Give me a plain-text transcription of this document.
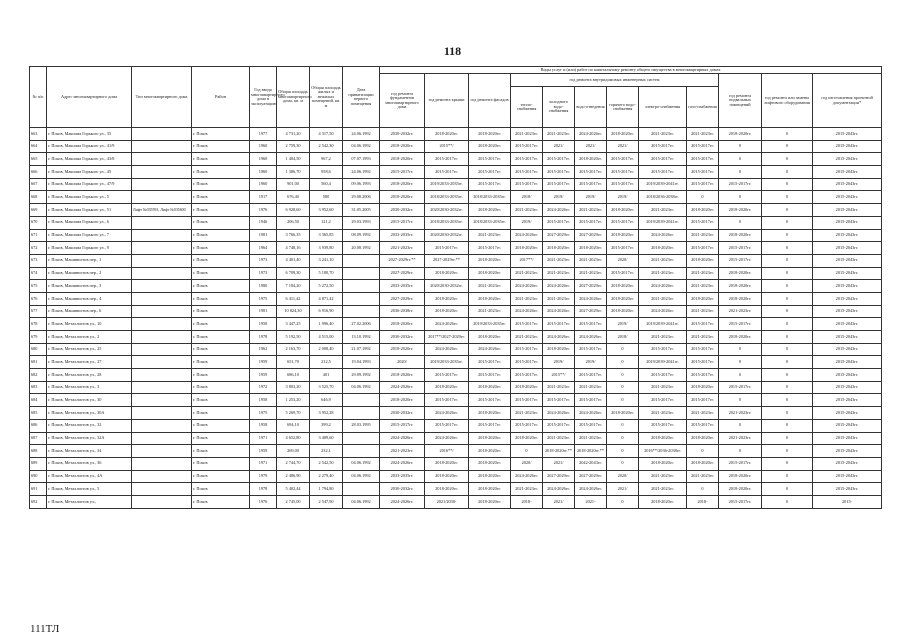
118
№ п/п	Адрес многоквартирного дома	Тип многоквартирного дома	Район	Год ввода многоквартирного дома в эксплуатацию	Общая площадь многоквартирного дома, кв. м	Общая площадь жилых и нежилых помещений, кв. м	Дата приватизации первого помещения	Виды услуг и (или) работ по капитальному ремонту общего имущества в многоквартирных домах											
								год ремонта фундаментов многоквартирного дома	год ремонта крыши	год ремонта фасадов	год ремонта внутридомовых инженерных систем						год ремонта подвальных помещений	год ремонта или замены лифтового оборудования	год изготовления проектной документации*
											тепло-снабжения	холодного водо-снабжения	водо-отведения	горячего водо-снабжения	электро-снабжения	газо-снабжения			
663	г. Псков, Максима Горького ул., 35		г. Псков	1977	4 731,20	4 317,50	24.06.1992	2030-2032гг.	2018-2020гг.	2018-2020гг.	2021-2023гг.	2021-2023гг.	2024-2026гг.	2018-2020гг.	2021-2023гг.	2021-2023гг.	2018-2020гг.	0	2015-2043гг.
664	г. Псков, Максима Горького ул., 41/9		г. Псков	1960	2 759,30	2 542,30	04.06.1992	2018-2020гг.	2015**/	2018-2020гг.	2015-2017гг.	2021/	2021/	2021/	2015-2017гг.	2015-2017гг.	0	0	2015-2043гг.
665	г. Псков, Максима Горького ул., 43/8		г. Псков	1960	1 404,50	967,2	07.07.1993	2018-2020гг.	2015-2017гг.	2015-2017гг.	2015-2017гг.	2015-2017гг.	2018-2020гг.	2015-2017гг.	2015-2017гг.	2015-2017гг.	0	0	2015-2043гг.
666	г. Псков, Максима Горького ул., 45		г. Псков	1960	1 386,70	958,6	24.06.1992	2015-2017гг.	2015-2017гг.	2015-2017гг.	2015-2017гг.	2015-2017гг.	2015-2017гг.	2015-2017гг.	2015-2017гг.	2015-2017гг.	0	0	2015-2043гг.
667	г. Псков, Максима Горького ул., 47/9		г. Псков	1960	901,00	560,4	09.06.1993	2018-2020гг.	2019/2033-2035гг.	2015-2017гг.	2015-2017гг.	2015-2017гг.	2015-2017гг.	2015-2017гг.	2019/2039-2041гг.	2015-2017гг.	2015-2017гг.	0	2015-2043гг.
668	г. Псков, Максима Горького ул., 5		г. Псков	1917	676,40	580	29.08.2006	2018-2020гг.	2018/2033-2035гг.	2018/2033-2035гг.	2018/	2019/	2019/	2019/	2018/2036-2038гг.	0	0	0	2015-2043гг.
669	г. Псков, Максима Горького ул., 51	Лифт №035593, Лифт №035600	г. Псков	1976	6 928,60	3 952,60	31.05.2005	2030-2032гг.	2020/2030-2032гг.	2018-2020гг.	2021-2023гг.	2024-2026гг.	2021-2023гг.	2018-2020гг.	2021-2023гг.	2018-2020гг.	2018-2020гг.	0	2015-2043гг.
670	г. Псков, Максима Горького ул., 6		г. Псков	1946	206,50	121,2	29.03.1993	2015-2017гг.	2018/2033-2035гг.	2018/2033-2035гг.	2019/	2015-2017гг.	2015-2017гг.	2015-2017гг.	2019/2039-2041гг.	2015-2017гг.	0	0	2015-2043гг.
671	г. Псков, Максима Горького ул., 7		г. Псков	1981	3 766,35	3 365,85	08.09.1992	2033-2035гг.	2020/2030-2032гг.	2021-2023гг.	2024-2026гг.	2027-2029гг.	2027-2029гг.	2018-2020гг.	2024-2026гг.	2021-2023гг.	2018-2020гг.	0	2015-2043гг.
672	г. Псков, Максима Горького ул., 9		г. Псков	1964	4 748,16	3 939,80	20.08.1992	2021-2023гг.	2015-2017гг.	2015-2017гг.	2018-2020гг.	2018-2020гг.	2018-2020гг.	2015-2017гг.	2018-2020гг.	2015-2017гг.	2015-2017гг.	0	2015-2043гг.
673	г. Псков, Машинистов пер., 1		г. Псков	1973	4 401,40	3 241,10		2027-2029гг.**	2027-2029гг.**	2018-2020гг.	2017**/	2021-2023гг.	2021-2023гг.	2020/	2021-2023гг.	2018-2020гг.	2015-2017гг.	0	2015-2043гг.
674	г. Псков, Машинистов пер., 2		г. Псков	1973	6 709,30	5 180,70		2027-2029гг.	2018-2020гг.	2018-2020гг.	2021-2023гг.	2021-2023гг.	2021-2023гг.	2015-2017гг.	2021-2023гг.	2021-2023гг.	2018-2020гг.	0	2015-2043гг.
675	г. Псков, Машинистов пер., 3		г. Псков	1980	7 184,20	5 272,50		2033-2035гг.	2020/2030-2032гг.	2021-2023гг.	2024-2026гг.	2024-2026гг.	2027-2029гг.	2018-2020гг.	2024-2026гг.	2021-2023гг.	2018-2020гг.	0	2015-2043гг.
676	г. Псков, Машинистов пер., 4		г. Псков	1975	6 411,42	4 871,42		2027-2029гг.	2018-2020гг.	2018-2020гг.	2021-2023гг.	2021-2023гг.	2024-2026гг.	2018-2020гг.	2021-2023гг.	2018-2020гг.	2018-2020гг.	0	2015-2043гг.
677	г. Псков, Машинистов пер., 6		г. Псков	1981	10 824,30	6 916,90		2036-2038гг.	2018-2020гг.	2021-2023гг.	2024-2026гг.	2024-2026гг.	2027-2029гг.	2018-2020гг.	2024-2026гг.	2021-2023гг.	2021-2023гг.	0	2015-2043гг.
678	г. Псков, Металлистов ул., 10		г. Псков	1958	3 447,25	1 996,40	27.02.2006	2018-2020гг.	2024-2026гг.	2019/2033-2035гг.	2015-2017гг.	2015-2017гг.	2015-2017гг.	2019/	2019/2039-2041гг.	2015-2017гг.	2015-2017гг.	0	2015-2043гг.
679	г. Псков, Металлистов ул., 2		г. Псков	1978	5 192,50	4 515,00	13.10.1992	2030-2032гг.	2017**/2027-2029гг.	2018-2020гг.	2021-2023гг.	2024-2026гг.	2024-2026гг.	2018/	2021-2023гг.	2021-2023гг.	2018-2020гг.	0	2015-2043гг.
680	г. Псков, Металлистов ул., 25		г. Псков	1962	2 163,70	2 008,40	21.07.1992	2018-2020гг.	2024-2026гг.	2024-2026гг.	2015-2017гг.	2018-2020гг.	2015-2017гг.	0	2015-2017гг.	2015-2017гг.	0	0	2015-2043гг.
681	г. Псков, Металлистов ул., 27		г. Псков	1959	651,70	212,5	19.04.1993	2020/	2019/2033-2035гг.	2015-2017гг.	2015-2017гг.	2019/	2019/	0	2019/2039-2041гг.	2015-2017гг.	0	0	2015-2043гг.
682	г. Псков, Металлистов ул., 28		г. Псков	1959	686,10	401	29.09.1992	2018-2020гг.	2015-2017гг.	2015-2017гг.	2015-2017гг.	2015**/	2015-2017гг.	0	2015-2017гг.	2015-2017гг.	0	0	2015-2043гг.
683	г. Псков, Металлистов ул., 3		г. Псков	1972	3 803,20	3 525,70	04.06.1992	2024-2026гг.	2018-2020гг.	2018-2020гг.	2018-2020гг.	2021-2023гг.	2021-2023гг.	0	2021-2023гг.	2018-2020гг.	2015-2017гг.	0	2015-2043гг.
684	г. Псков, Металлистов ул., 30		г. Псков	1958	1 253,20	646,9		2018-2020гг.	2015-2017гг.	2015-2017гг.	2015-2017гг.	2015-2017гг.	2015-2017гг.	0	2015-2017гг.	2015-2017гг.	0	0	2015-2043гг.
685	г. Псков, Металлистов ул., 30А		г. Псков	1975	5 269,70	3 952,28		2030-2032гг.	2024-2026гг.	2018-2020гг.	2021-2023гг.	2024-2026гг.	2024-2026гг.	2018-2020гг.	2021-2023гг.	2021-2023гг.	2021-2023гг.	0	2015-2043гг.
686	г. Псков, Металлистов ул., 32		г. Псков	1958	694,10	399,2	28.03.1995	2015-2017гг.	2015-2017гг.	2015-2017гг.	2015-2017гг.	2015-2017гг.	2015-2017гг.	0	2015-2017гг.	2015-2017гг.	0	0	2015-2043гг.
687	г. Псков, Металлистов ул., 32А		г. Псков	1971	4 652,80	3 489,60		2024-2026гг.	2024-2026гг.	2018-2020гг.	2018-2020гг.	2021-2023гг.	2021-2023гг.	0	2018-2020гг.	2018-2020гг.	2021-2023гг.	0	2015-2043гг.
688	г. Псков, Металлистов ул., 34		г. Псков	1959	269,00	232,1		2021-2023гг.	2016**/	2018-2020гг.	0	2018-2020гг.**	2018-2020гг.**	0	2016**/2036-2038гг.	0	0	0	2015-2043гг.
689	г. Псков, Металлистов ул., 36		г. Псков	1971	2 744,70	2 542,50	04.06.1992	2024-2026гг.	2018-2020гг.	2018-2020гг.	2020/	2021/	2042-2043гг.	0	2018-2020гг.	2018-2020гг.	2015-2017гг.	0	2015-2043гг.
690	г. Псков, Металлистов ул., 4А		г. Псков	1979	2 486,90	2 279,40	04.06.1992	2033-2035гг.	2018-2020гг.	2018-2020гг.	2024-2026гг.	2027-2029гг.	2027-2029гг.	2020/	2021-2023гг.	2021-2023гг.	2018-2020гг.	0	2015-2043гг.
691	г. Псков, Металлистов ул., 5		г. Псков	1978	5 402,44	1 794,80		2030-2032гг.	2018-2020гг.	2018-2020гг.	2021-2023гг.	2024-2026гг.	2024-2026гг.	2021/	2021-2023гг.	0	2018-2020гг.	0	2015-2043гг.
692	г. Псков, Металлистов ул.,		г. Псков	1976	2 745,00	2 547,90	04.06.1992	2024-2026гг.	2021/2030-	2018-2020гг.	2018-	2021/	2021-	0	2018-2020гг.	2018-	2015-2017гг.	0	2015-
111ТЛ
